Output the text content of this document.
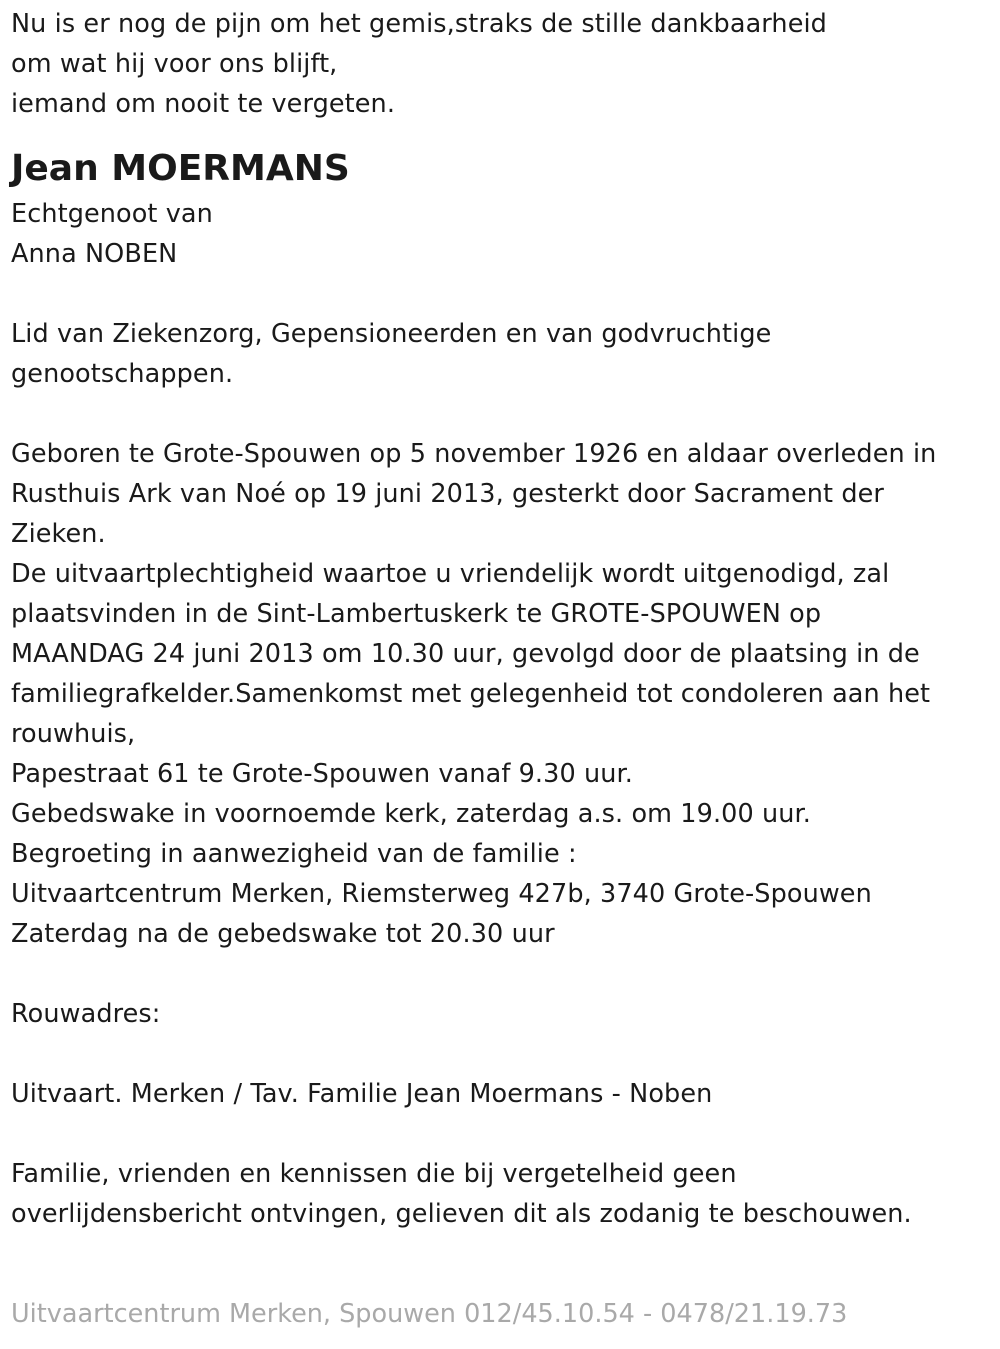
Nu is er nog de pijn om het gemis,straks de stille dankbaarheid
om wat hij voor ons blijft,
iemand om nooit te vergeten.
Jean MOERMANS
Echtgenoot van
Anna NOBEN
Lid van Ziekenzorg, Gepensioneerden en van godvruchtige
genootschappen.
Geboren te Grote-Spouwen op 5 november 1926 en aldaar overleden in
Rusthuis Ark van Noé op 19 juni 2013, gesterkt door Sacrament der
Zieken.
De uitvaartplechtigheid waartoe u vriendelijk wordt uitgenodigd, zal
plaatsvinden in de Sint-Lambertuskerk te GROTE-SPOUWEN op
MAANDAG 24 juni 2013 om 10.30 uur, gevolgd door de plaatsing in de
familiegrafkelder.Samenkomst met gelegenheid tot condoleren aan het
rouwhuis,
Papestraat 61 te Grote-Spouwen vanaf 9.30 uur.
Gebedswake in voornoemde kerk, zaterdag a.s. om 19.00 uur.
Begroeting in aanwezigheid van de familie :
Uitvaartcentrum Merken, Riemsterweg 427b, 3740 Grote-Spouwen
Zaterdag na de gebedswake tot 20.30 uur
Rouwadres:
Uitvaart. Merken / Tav. Familie Jean Moermans - Noben
Familie, vrienden en kennissen die bij vergetelheid geen
overlijdensbericht ontvingen, gelieven dit als zodanig te beschouwen.
Uitvaartcentrum Merken, Spouwen 012/45.10.54 - 0478/21.19.73
